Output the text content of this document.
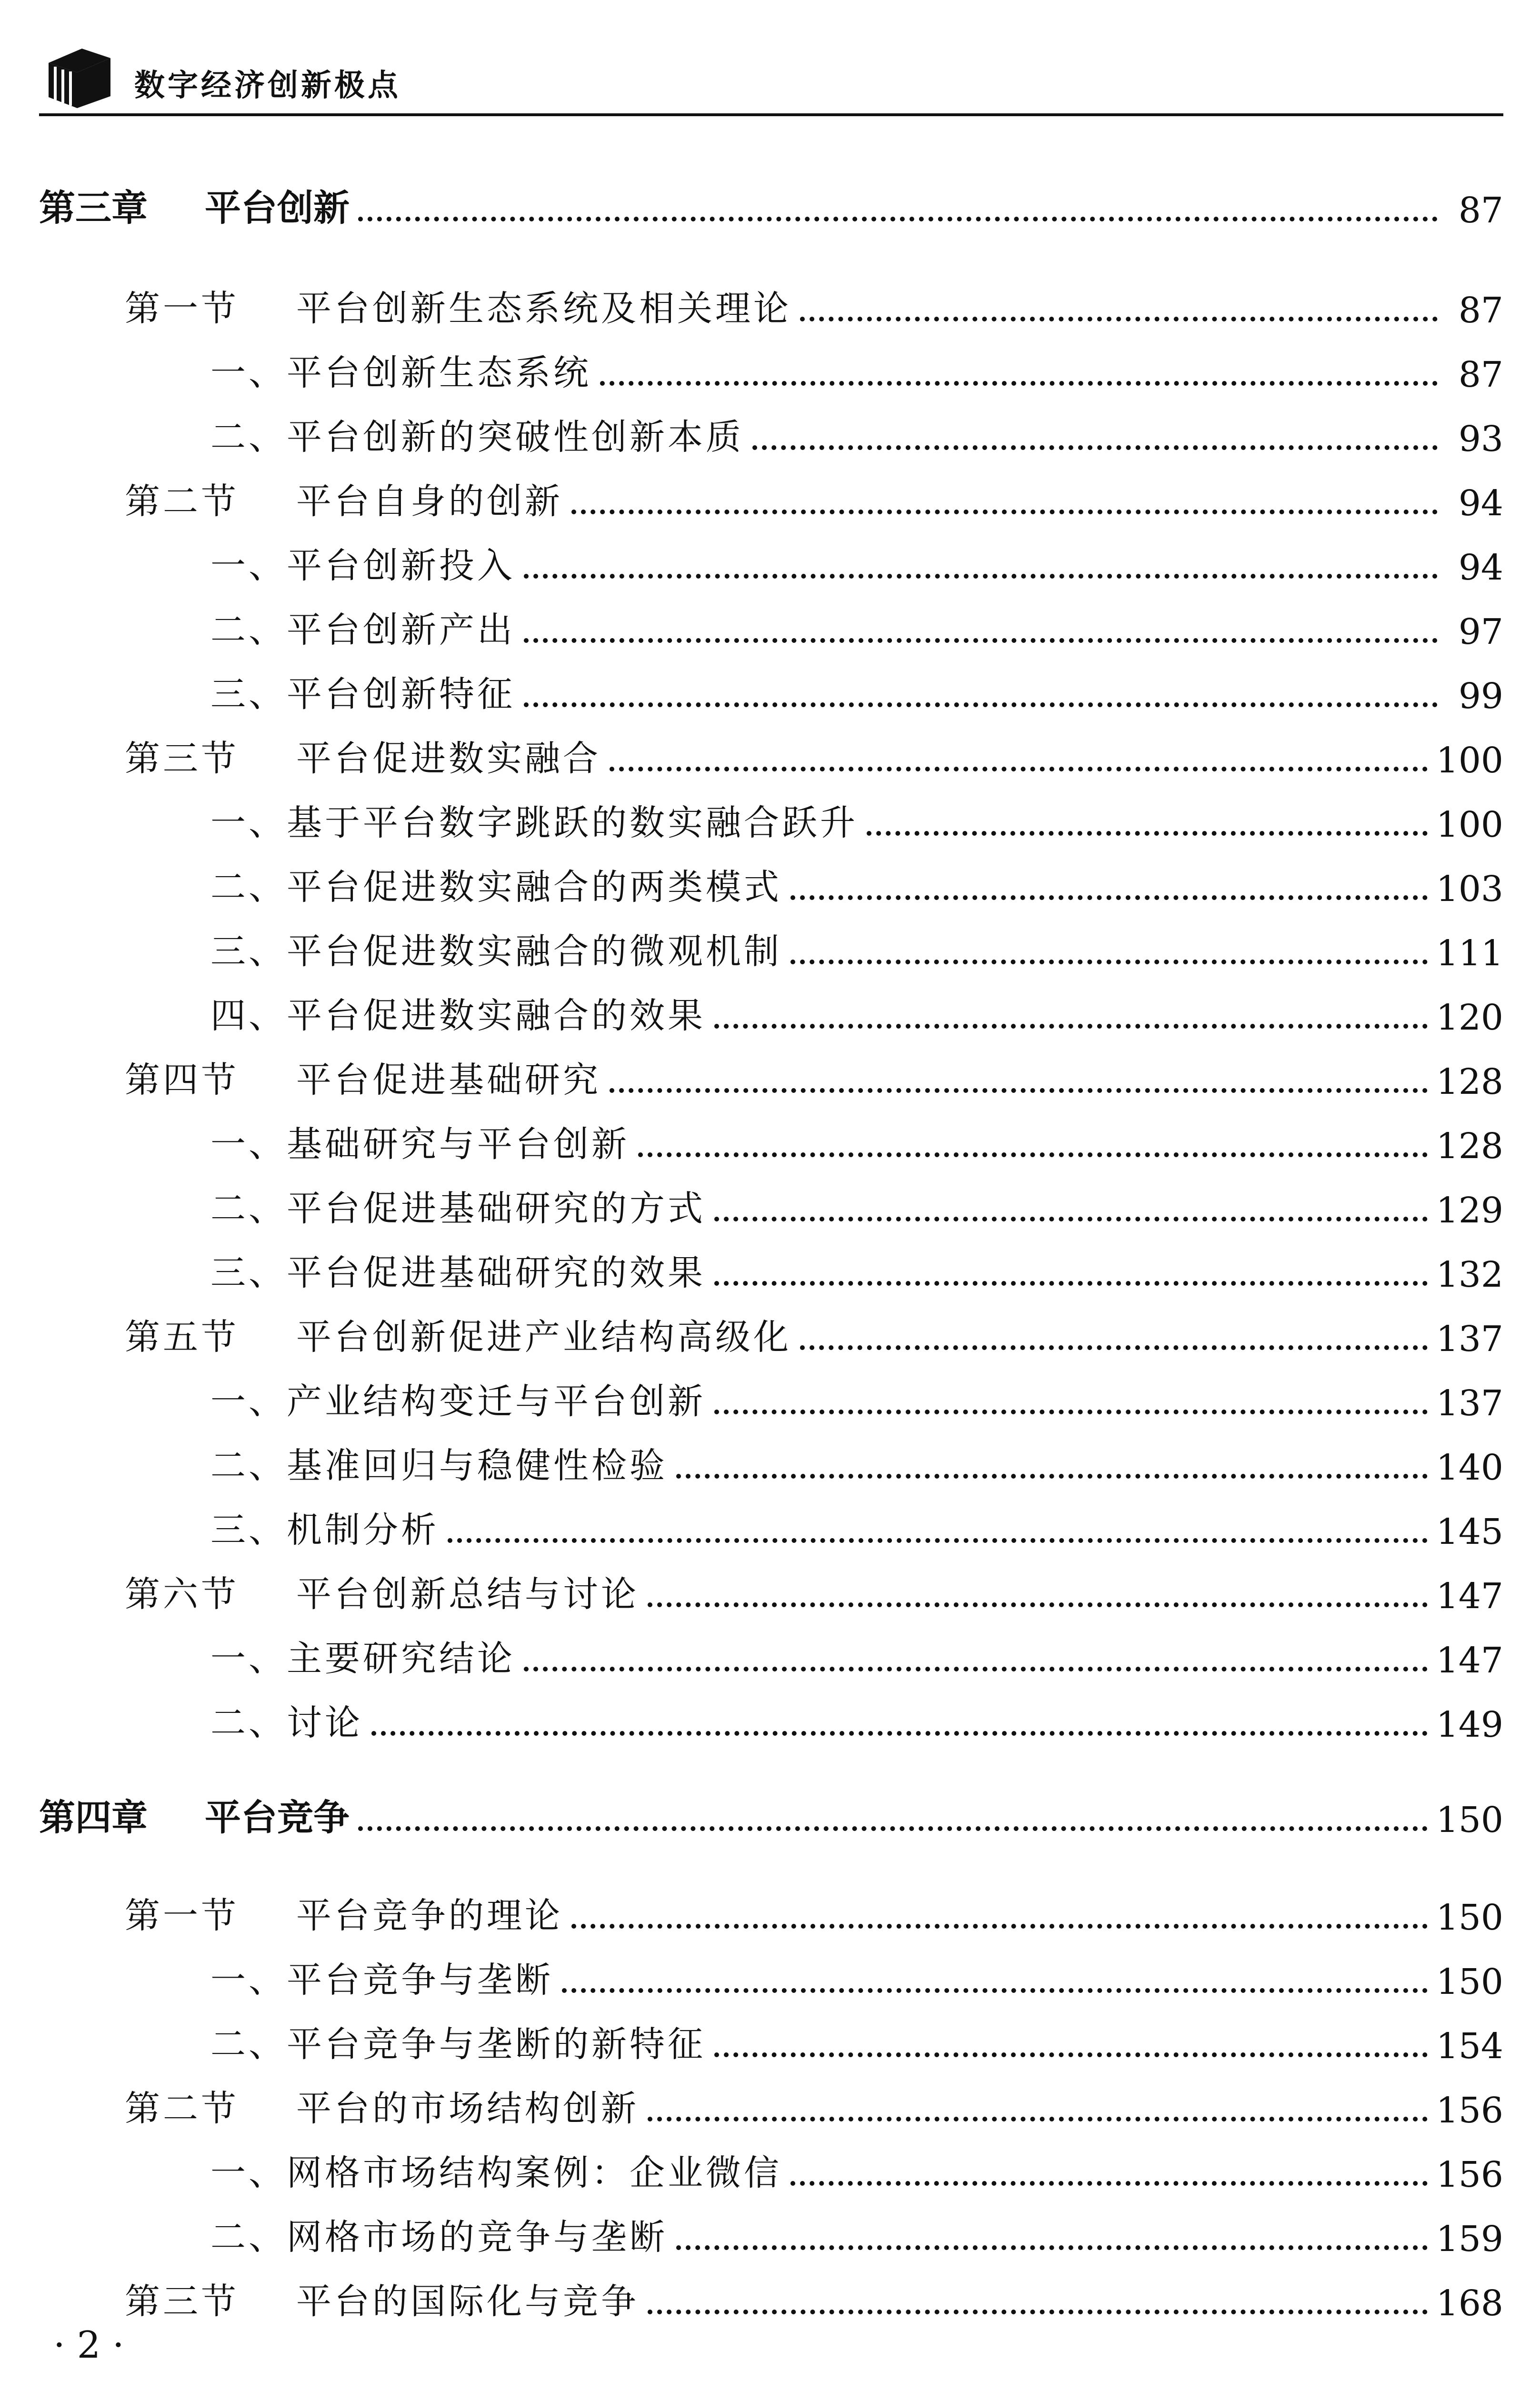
数字经济创新极点
第三章 平台创新	87
第一节 平台创新生态系统及相关理论	87
一、平台创新生态系统	87
二、平台创新的突破性创新本质	93
第二节 平台自身的创新	94
一、平台创新投入	94
二、平台创新产出	97
三、平台创新特征	99
第三节 平台促进数实融合	100
一、基于平台数字跳跃的数实融合跃升	100
二、平台促进数实融合的两类模式	103
三、平台促进数实融合的微观机制	111
四、平台促进数实融合的效果	120
第四节 平台促进基础研究	128
一、基础研究与平台创新	128
二、平台促进基础研究的方式	129
三、平台促进基础研究的效果	132
第五节 平台创新促进产业结构高级化	137
一、产业结构变迁与平台创新	137
二、基准回归与稳健性检验	140
三、机制分析	145
第六节 平台创新总结与讨论	147
一、主要研究结论	147
二、讨论	149
第四章 平台竞争	150
第一节 平台竞争的理论	150
一、平台竞争与垄断	150
二、平台竞争与垄断的新特征	154
第二节 平台的市场结构创新	156
一、网格市场结构案例：企业微信	156
二、网格市场的竞争与垄断	159
第三节 平台的国际化与竞争	168
· 2 ·
